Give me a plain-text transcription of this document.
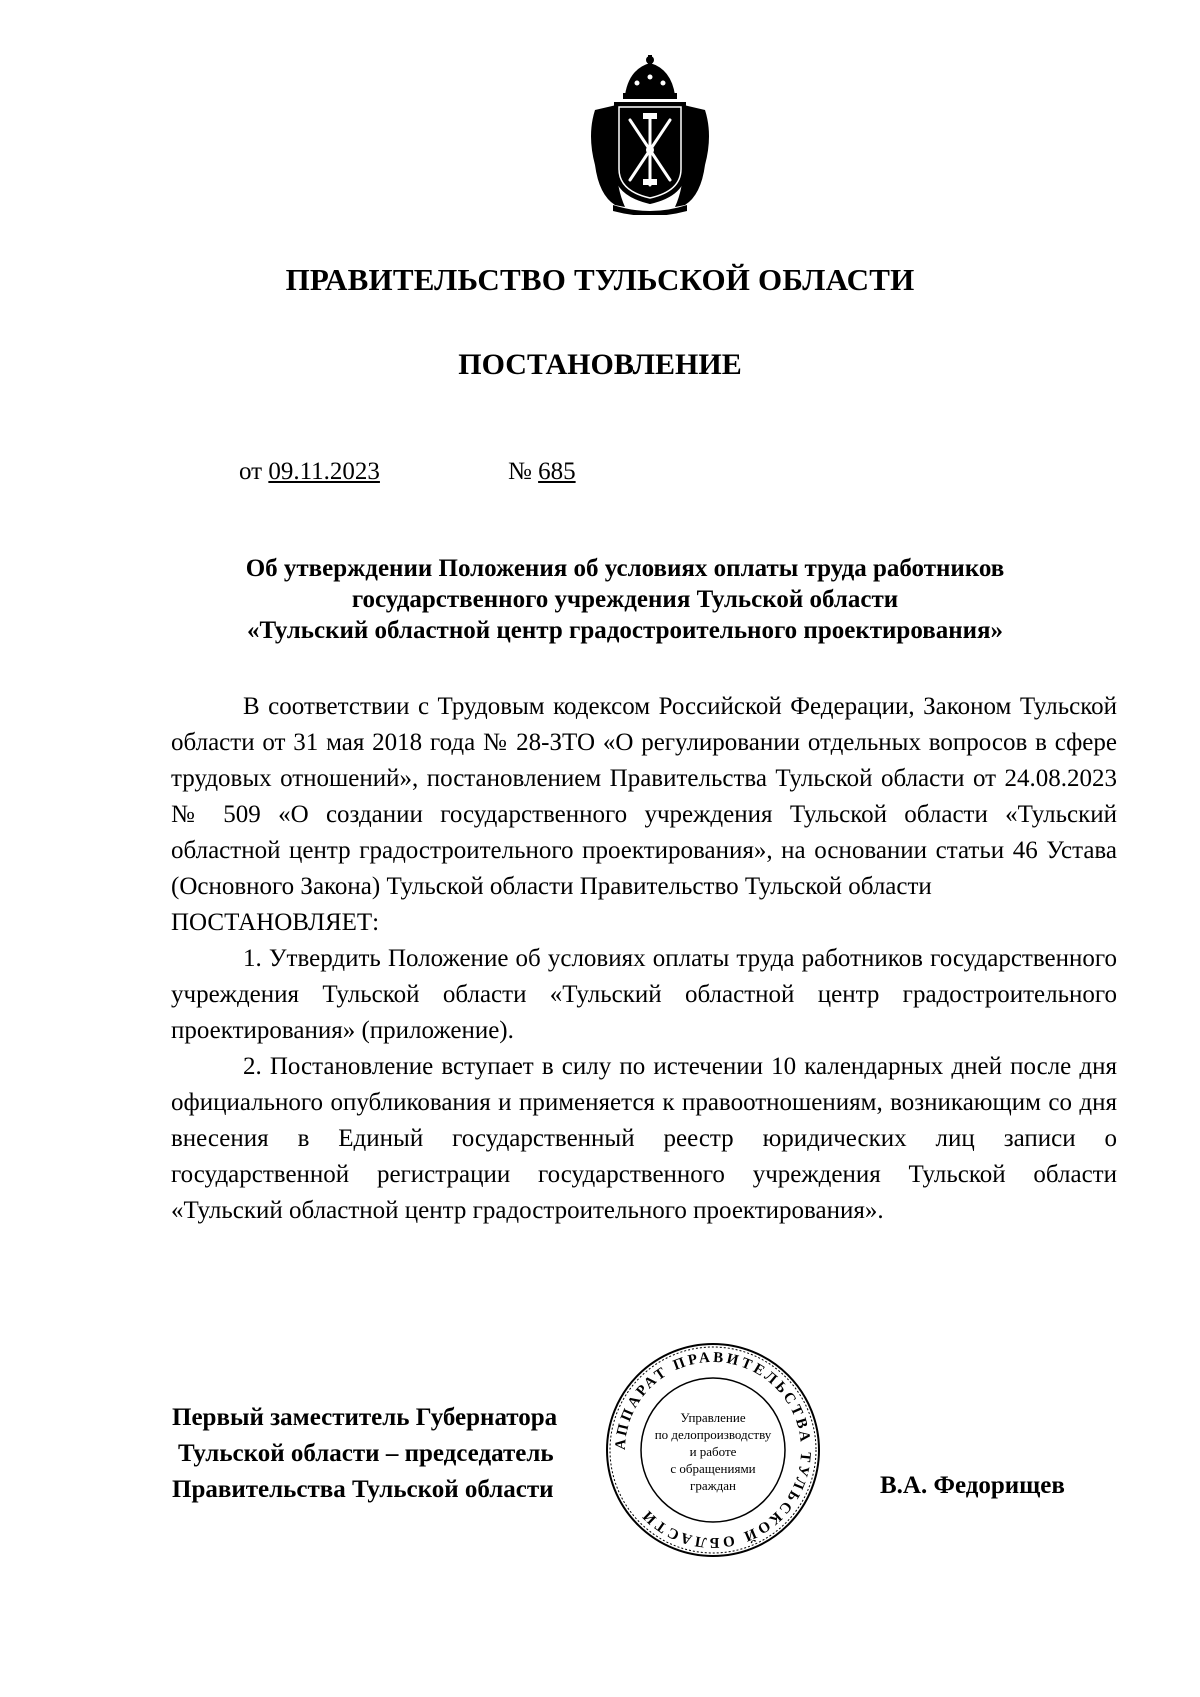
ПРАВИТЕЛЬСТВО ТУЛЬСКОЙ ОБЛАСТИ
ПОСТАНОВЛЕНИЕ
от 09.11.2023	№ 685
Об утверждении Положения об условиях оплаты труда работников
государственного учреждения Тульской области
«Тульский областной центр градостроительного проектирования»

В соответствии с Трудовым кодексом Российской Федерации, Законом Тульской области от 31 мая 2018 года № 28-ЗТО «О регулировании отдельных вопросов в сфере трудовых отношений», постановлением Правительства Тульской области от 24.08.2023 № 509 «О создании государственного учреждения Тульской области «Тульский областной центр градостроительного проектирования», на основании статьи 46 Устава (Основного Закона) Тульской области Правительство Тульской области

ПОСТАНОВЛЯЕТ:

1. Утвердить Положение об условиях оплаты труда работников государственного учреждения Тульской области «Тульский областной центр градостроительного проектирования» (приложение).

2. Постановление вступает в силу по истечении 10 календарных дней после дня официального опубликования и применяется к правоотношениям, возникающим со дня внесения в Единый государственный реестр юридических лиц записи о государственной регистрации государственного учреждения Тульской области «Тульский областной центр градостроительного проектирования».

Первый заместитель Губернатора
Тульской области – председатель
Правительства Тульской области	В.А. Федорищев
АППАРАТ ПРАВИТЕЛЬСТВА ТУЛЬСКОЙ ОБЛАСТИ
Управление
по делопроизводству
и работе
с обращениями
граждан
